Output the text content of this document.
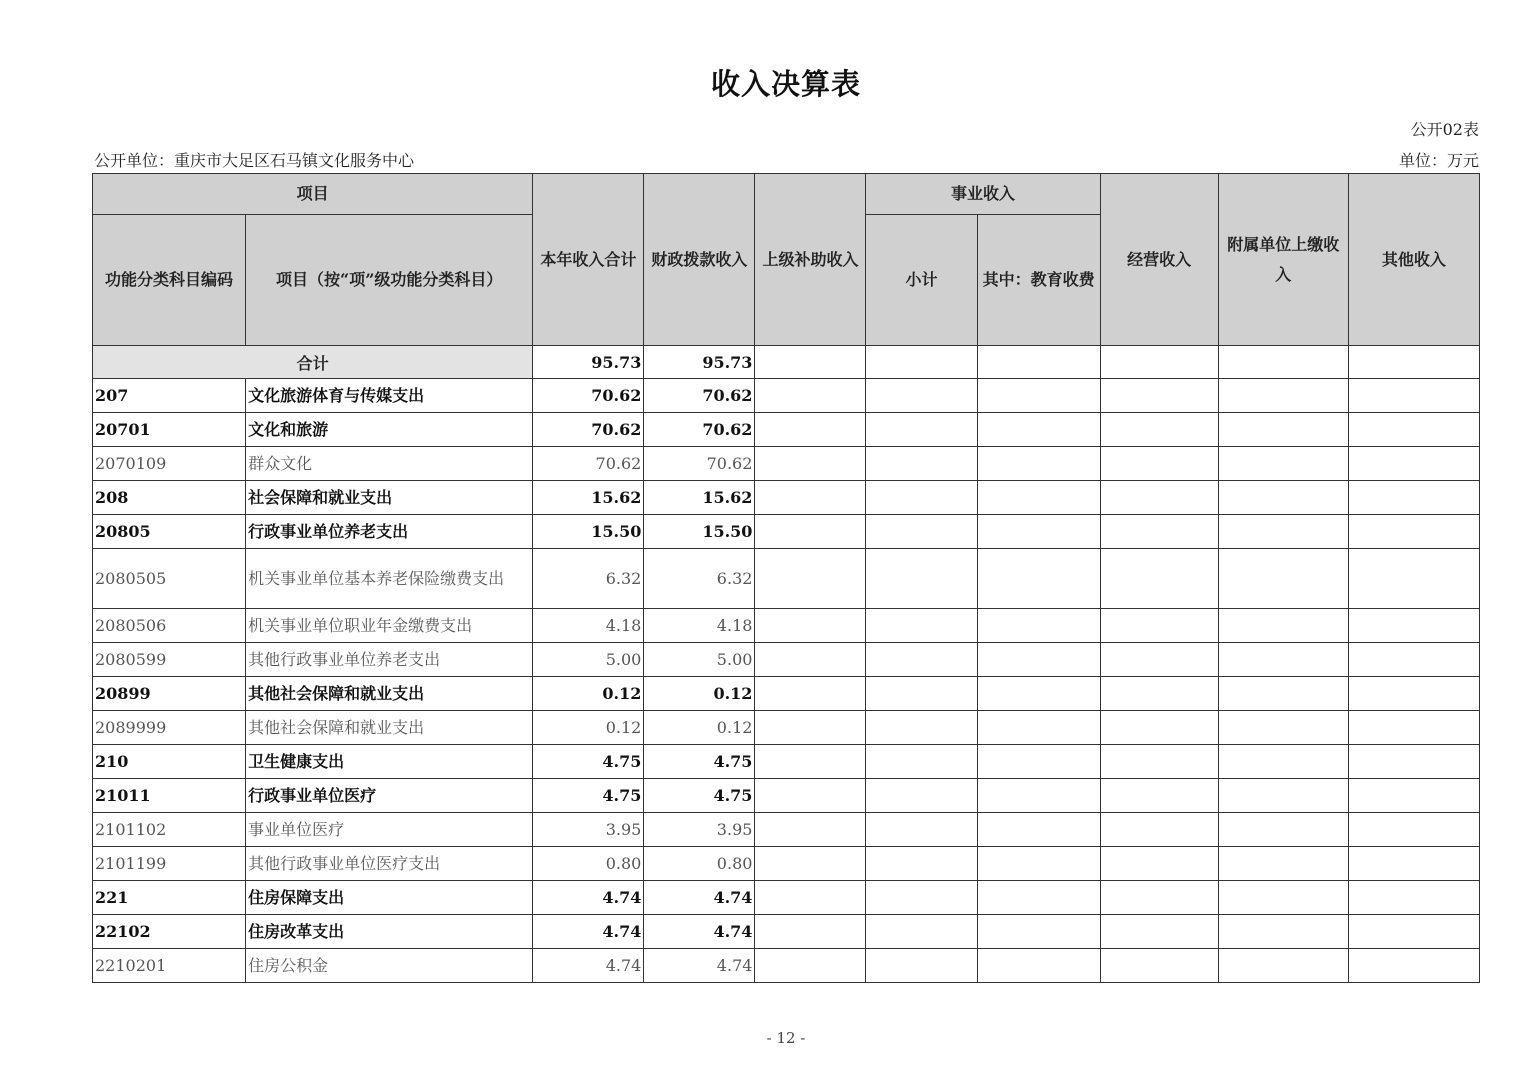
收入决算表
公开02表
公开单位：重庆市大足区石马镇文化服务中心	单位：万元
项目		本年收入合计	财政拨款收入	上级补助收入	事业收入		经营收入	附属单位上缴收入	其他收入
功能分类科目编码	项目（按“项”级功能分类科目）				小计	其中：教育收费			
合计		95.73	95.73						
207	文化旅游体育与传媒支出	70.62	70.62						
20701	文化和旅游	70.62	70.62						
2070109	群众文化	70.62	70.62						
208	社会保障和就业支出	15.62	15.62						
20805	行政事业单位养老支出	15.50	15.50						
2080505	机关事业单位基本养老保险缴费支出	6.32	6.32						
2080506	机关事业单位职业年金缴费支出	4.18	4.18						
2080599	其他行政事业单位养老支出	5.00	5.00						
20899	其他社会保障和就业支出	0.12	0.12						
2089999	其他社会保障和就业支出	0.12	0.12						
210	卫生健康支出	4.75	4.75						
21011	行政事业单位医疗	4.75	4.75						
2101102	事业单位医疗	3.95	3.95						
2101199	其他行政事业单位医疗支出	0.80	0.80						
221	住房保障支出	4.74	4.74						
22102	住房改革支出	4.74	4.74						
2210201	住房公积金	4.74	4.74						
- 12 -
